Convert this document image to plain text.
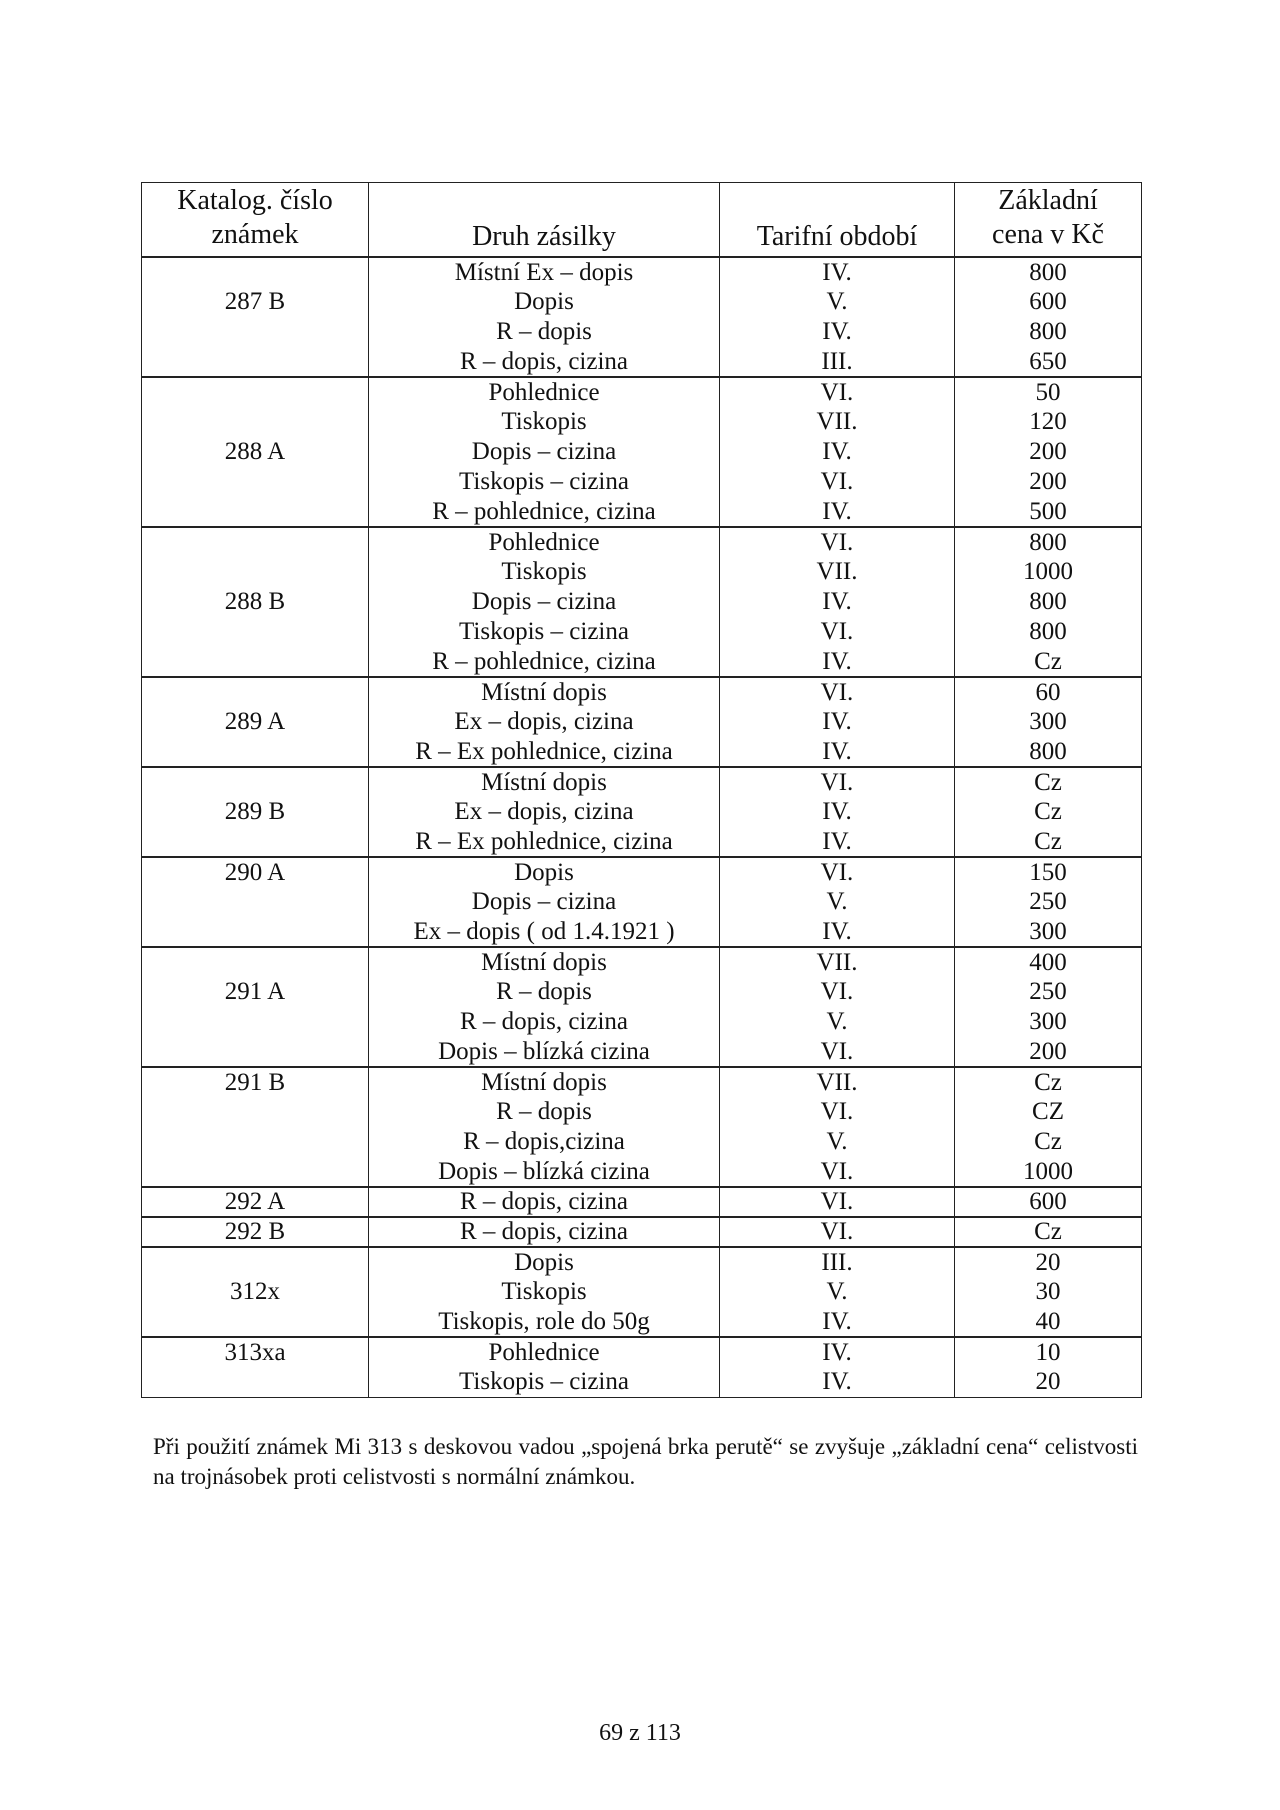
Katalog. číslo
známek	Druh zásilky	Tarifní období	Základní
cena v Kč

	Místní Ex – dopis	IV.	800
287 B	Dopis	V.	600
	R – dopis	IV.	800
	R – dopis, cizina	III.	650
	Pohlednice	VI.	50
	Tiskopis	VII.	120
288 A	Dopis – cizina	IV.	200
	Tiskopis – cizina	VI.	200
	R – pohlednice, cizina	IV.	500
	Pohlednice	VI.	800
	Tiskopis	VII.	1000
288 B	Dopis – cizina	IV.	800
	Tiskopis – cizina	VI.	800
	R – pohlednice, cizina	IV.	Cz
	Místní dopis	VI.	60
289 A	Ex – dopis, cizina	IV.	300
	R – Ex pohlednice, cizina	IV.	800
	Místní dopis	VI.	Cz
289 B	Ex – dopis, cizina	IV.	Cz
	R – Ex pohlednice, cizina	IV.	Cz
290 A	Dopis	VI.	150
	Dopis – cizina	V.	250
	Ex – dopis ( od 1.4.1921 )	IV.	300
	Místní dopis	VII.	400
291 A	R – dopis	VI.	250
	R – dopis, cizina	V.	300
	Dopis – blízká cizina	VI.	200
291 B	Místní dopis	VII.	Cz
	R – dopis	VI.	CZ
	R – dopis,cizina	V.	Cz
	Dopis – blízká cizina	VI.	1000
292 A	R – dopis, cizina	VI.	600
292 B	R – dopis, cizina	VI.	Cz
	Dopis	III.	20
312x	Tiskopis	V.	30
	Tiskopis, role do 50g	IV.	40
313xa	Pohlednice	IV.	10
	Tiskopis – cizina	IV.	20

Při použití známek Mi 313 s deskovou vadou „spojená brka perutě“ se zvyšuje „základní cena“ celistvosti na trojnásobek proti celistvosti s normální známkou.

69 z 113
